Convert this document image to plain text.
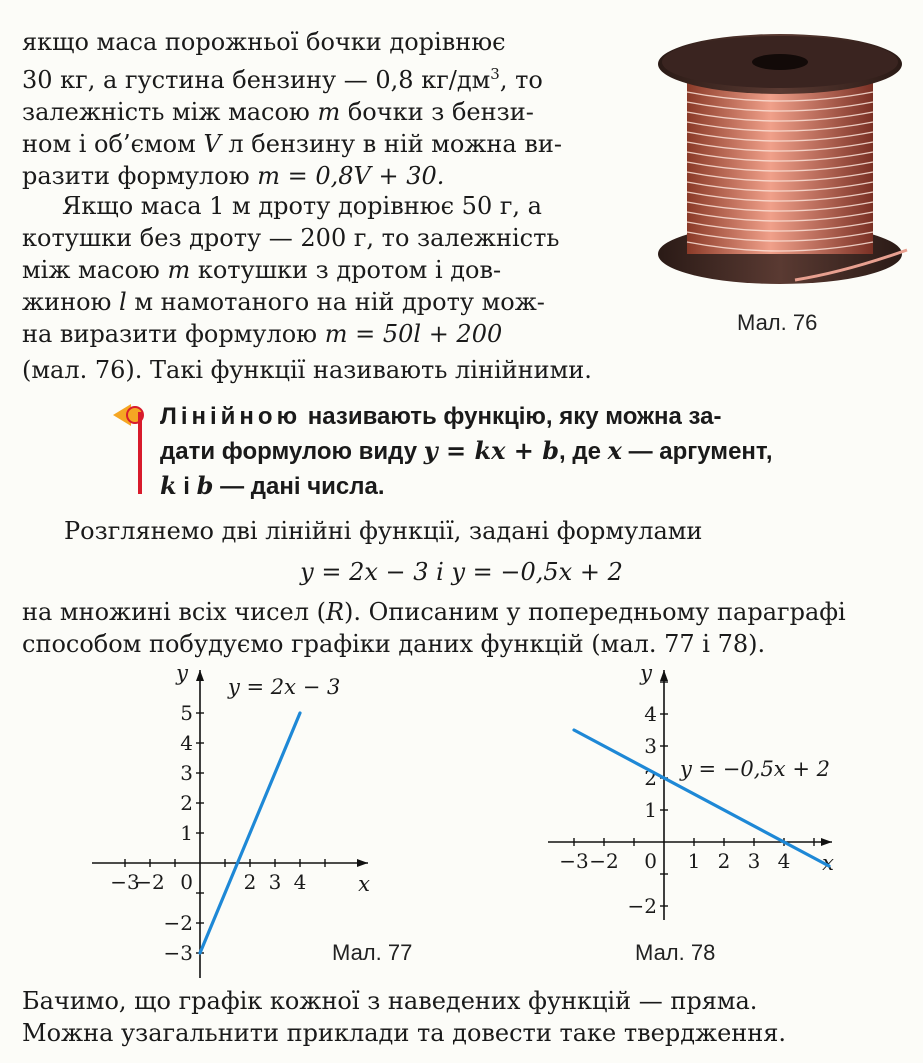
якщо маса порожньої бочки дорівнює
30 кг, а густина бензину — 0,8 $кг/дм^3$, то
залежність між масою m бочки з бензи-
ном і об’ємом V л бензину в ній можна ви-
разити формулою m = 0,8V + 30.
Якщо маса 1 м дроту дорівнює 50 г, а
котушки без дроту — 200 г, то залежність
між масою m котушки з дротом і дов-
жиною l м намотаного на ній дроту мож-
на виразити формулою m = 50l + 200
(мал. 76). Такі функції називають лінійними.
Мал. 76

Лінійною називають функцію, яку можна за-
дати формулою виду y = kx + b, де x — аргумент,
k і b — дані числа.

Розглянемо дві лінійні функції, задані формулами
y = 2x − 3 і y = −0,5x + 2
на множині всіх чисел (R). Описаним у попередньому параграфі
способом побудуємо графіки даних функцій (мал. 77 і 78).
−3
−2	2 3 4
5
4
3
2
1
−2
−3
0	x
y
y = 2x − 3
Мал. 77
−3 −2	1 2 3 4
4
3
2
1
−2
0	x
y
y = −0,5x + 2
Мал. 78
Бачимо, що графік кожної з наведених функцій — пряма.
Можна узагальнити приклади та довести таке твердження.
